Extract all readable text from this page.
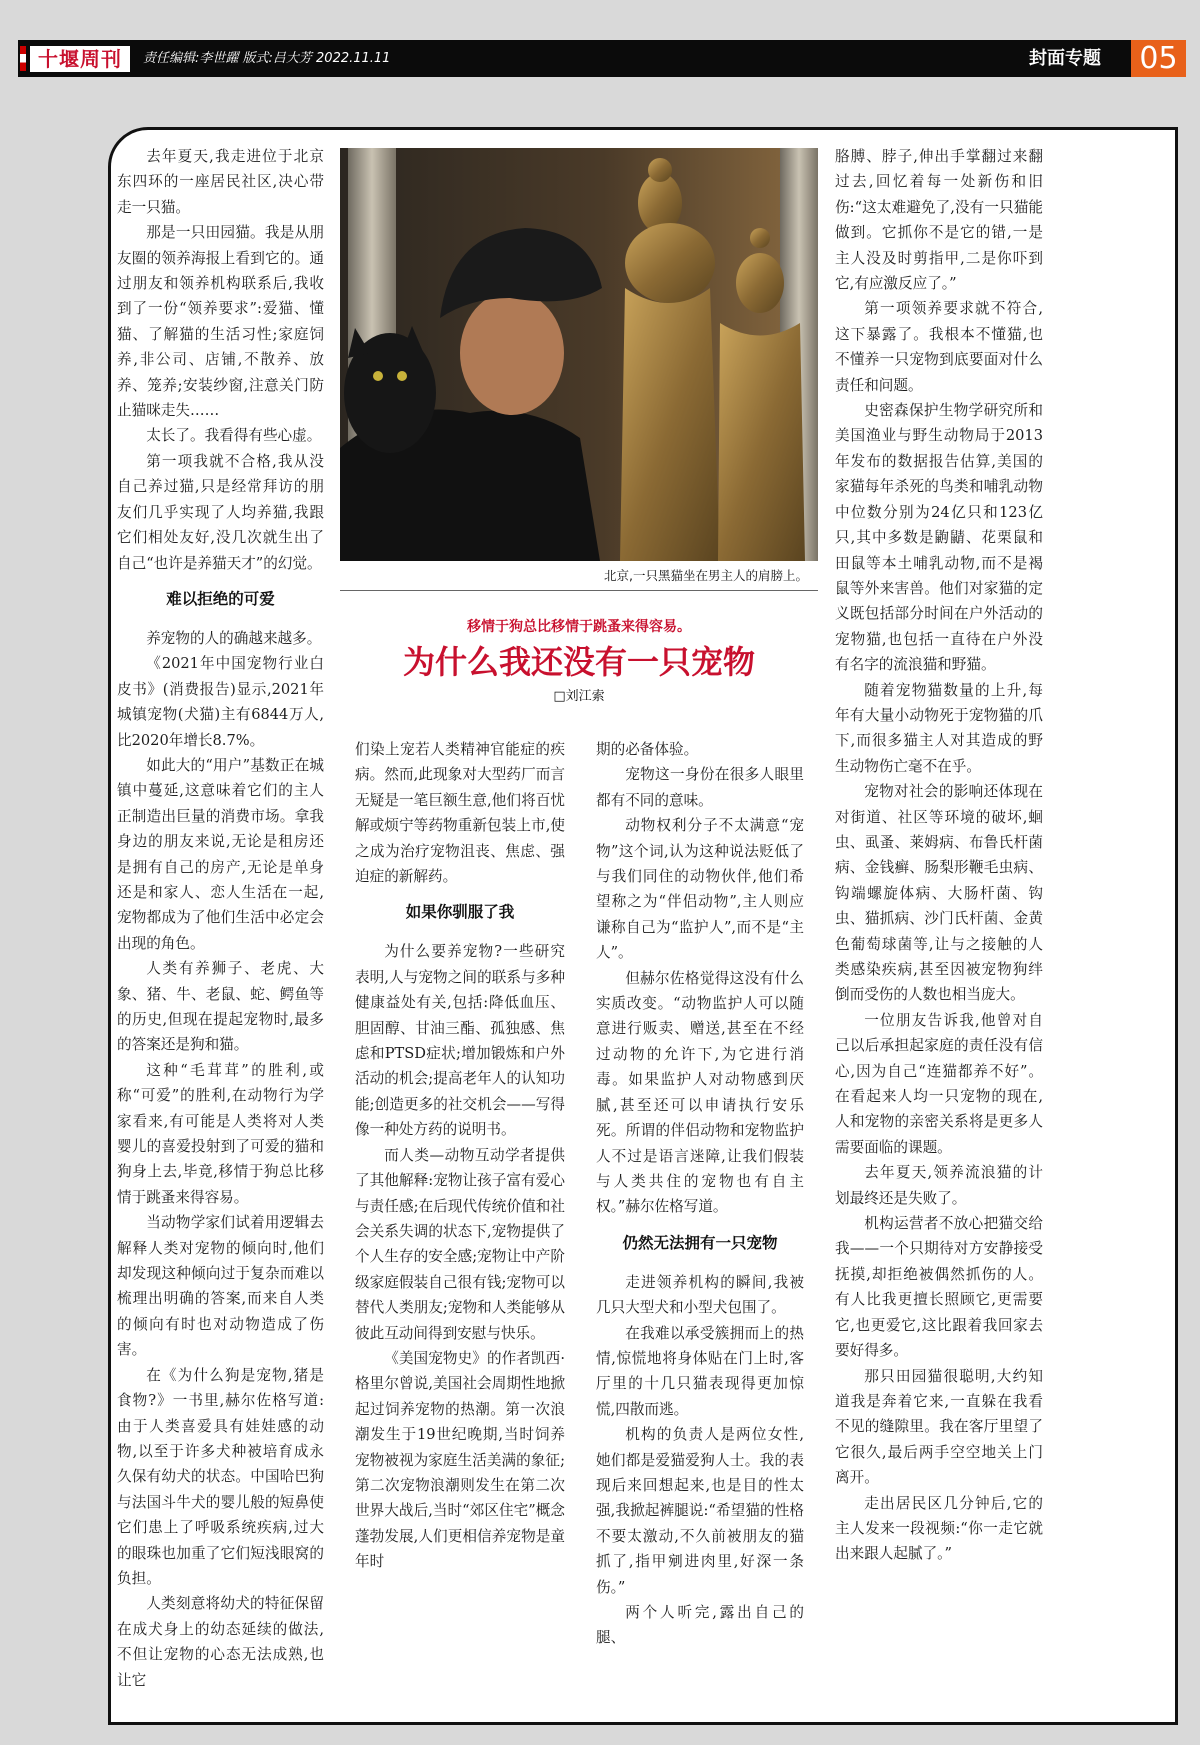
十堰周刊	责任编辑:李世躍 版式:吕大芳 2022.11.11	封面专题 05

去年夏天,我走进位于北京东四环的一座居民社区,决心带走一只猫。

那是一只田园猫。我是从朋友圈的领养海报上看到它的。通过朋友和领养机构联系后,我收到了一份“领养要求”:爱猫、懂猫、了解猫的生活习性;家庭饲养,非公司、店铺,不散养、放养、笼养;安装纱窗,注意关门防止猫咪走失……

太长了。我看得有些心虚。

第一项我就不合格,我从没自己养过猫,只是经常拜访的朋友们几乎实现了人均养猫,我跟它们相处友好,没几次就生出了自己“也许是养猫天才”的幻觉。

难以拒绝的可爱

养宠物的人的确越来越多。

《2021年中国宠物行业白皮书》(消费报告)显示,2021年城镇宠物(犬猫)主有6844万人,比2020年增长8.7%。

如此大的“用户”基数正在城镇中蔓延,这意味着它们的主人正制造出巨量的消费市场。拿我身边的朋友来说,无论是租房还是拥有自己的房产,无论是单身还是和家人、恋人生活在一起,宠物都成为了他们生活中必定会出现的角色。

人类有养狮子、老虎、大象、猪、牛、老鼠、蛇、鳄鱼等的历史,但现在提起宠物时,最多的答案还是狗和猫。

这种“毛茸茸”的胜利,或称“可爱”的胜利,在动物行为学家看来,有可能是人类将对人类婴儿的喜爱投射到了可爱的猫和狗身上去,毕竟,移情于狗总比移情于跳蚤来得容易。

当动物学家们试着用逻辑去解释人类对宠物的倾向时,他们却发现这种倾向过于复杂而难以梳理出明确的答案,而来自人类的倾向有时也对动物造成了伤害。

在《为什么狗是宠物,猪是食物?》一书里,赫尔佐格写道:由于人类喜爱具有娃娃感的动物,以至于许多犬种被培育成永久保有幼犬的状态。中国哈巴狗与法国斗牛犬的婴儿般的短鼻使它们患上了呼吸系统疾病,过大的眼珠也加重了它们短浅眼窝的负担。

人类刻意将幼犬的特征保留在成犬身上的幼态延续的做法,不但让宠物的心态无法成熟,也让它

们染上宠若人类精神官能症的疾病。然而,此现象对大型药厂而言无疑是一笔巨额生意,他们将百忧解或烦宁等药物重新包装上市,使之成为治疗宠物沮丧、焦虑、强迫症的新解药。

如果你驯服了我

为什么要养宠物?一些研究表明,人与宠物之间的联系与多种健康益处有关,包括:降低血压、胆固醇、甘油三酯、孤独感、焦虑和PTSD症状;增加锻炼和户外活动的机会;提高老年人的认知功能;创造更多的社交机会——写得像一种处方药的说明书。

而人类—动物互动学者提供了其他解释:宠物让孩子富有爱心与责任感;在后现代传统价值和社会关系失调的状态下,宠物提供了个人生存的安全感;宠物让中产阶级家庭假装自己很有钱;宠物可以替代人类朋友;宠物和人类能够从彼此互动间得到安慰与快乐。

《美国宠物史》的作者凯西·格里尔曾说,美国社会周期性地掀起过饲养宠物的热潮。第一次浪潮发生于19世纪晚期,当时饲养宠物被视为家庭生活美满的象征;第二次宠物浪潮则发生在第二次世界大战后,当时“郊区住宅”概念蓬勃发展,人们更相信养宠物是童年时

期的必备体验。

宠物这一身份在很多人眼里都有不同的意味。

动物权利分子不太满意“宠物”这个词,认为这种说法贬低了与我们同住的动物伙伴,他们希望称之为“伴侣动物”,主人则应谦称自己为“监护人”,而不是“主人”。

但赫尔佐格觉得这没有什么实质改变。“动物监护人可以随意进行贩卖、赠送,甚至在不经过动物的允许下,为它进行消毒。如果监护人对动物感到厌腻,甚至还可以申请执行安乐死。所谓的伴侣动物和宠物监护人不过是语言迷障,让我们假装与人类共住的宠物也有自主权。”赫尔佐格写道。

仍然无法拥有一只宠物

走进领养机构的瞬间,我被几只大型犬和小型犬包围了。

在我难以承受簇拥而上的热情,惊慌地将身体贴在门上时,客厅里的十几只猫表现得更加惊慌,四散而逃。

机构的负责人是两位女性,她们都是爱猫爱狗人士。我的表现后来回想起来,也是目的性太强,我掀起裤腿说:“希望猫的性格不要太激动,不久前被朋友的猫抓了,指甲剜进肉里,好深一条伤。”

两个人听完,露出自己的腿、

胳膊、脖子,伸出手掌翻过来翻过去,回忆着每一处新伤和旧伤:“这太难避免了,没有一只猫能做到。它抓你不是它的错,一是主人没及时剪指甲,二是你吓到它,有应激反应了。”

第一项领养要求就不符合,这下暴露了。我根本不懂猫,也不懂养一只宠物到底要面对什么责任和问题。

史密森保护生物学研究所和美国渔业与野生动物局于2013年发布的数据报告估算,美国的家猫每年杀死的鸟类和哺乳动物中位数分别为24亿只和123亿只,其中多数是鼩鼱、花栗鼠和田鼠等本土哺乳动物,而不是褐鼠等外来害兽。他们对家猫的定义既包括部分时间在户外活动的宠物猫,也包括一直待在户外没有名字的流浪猫和野猫。

随着宠物猫数量的上升,每年有大量小动物死于宠物猫的爪下,而很多猫主人对其造成的野生动物伤亡毫不在乎。

宠物对社会的影响还体现在对街道、社区等环境的破坏,蛔虫、虱蚤、莱姆病、布鲁氏杆菌病、金钱癣、肠梨形鞭毛虫病、钩端螺旋体病、大肠杆菌、钩虫、猫抓病、沙门氏杆菌、金黄色葡萄球菌等,让与之接触的人类感染疾病,甚至因被宠物狗绊倒而受伤的人数也相当庞大。

一位朋友告诉我,他曾对自己以后承担起家庭的责任没有信心,因为自己“连猫都养不好”。在看起来人均一只宠物的现在,人和宠物的亲密关系将是更多人需要面临的课题。

去年夏天,领养流浪猫的计划最终还是失败了。

机构运营者不放心把猫交给我——一个只期待对方安静接受抚摸,却拒绝被偶然抓伤的人。有人比我更擅长照顾它,更需要它,也更爱它,这比跟着我回家去要好得多。

那只田园猫很聪明,大约知道我是奔着它来,一直躲在我看不见的缝隙里。我在客厅里望了它很久,最后两手空空地关上门离开。

走出居民区几分钟后,它的主人发来一段视频:“你一走它就出来跟人起腻了。”

北京,一只黑猫坐在男主人的肩膀上。
移情于狗总比移情于跳蚤来得容易。
为什么我还没有一只宠物
□刘江索
